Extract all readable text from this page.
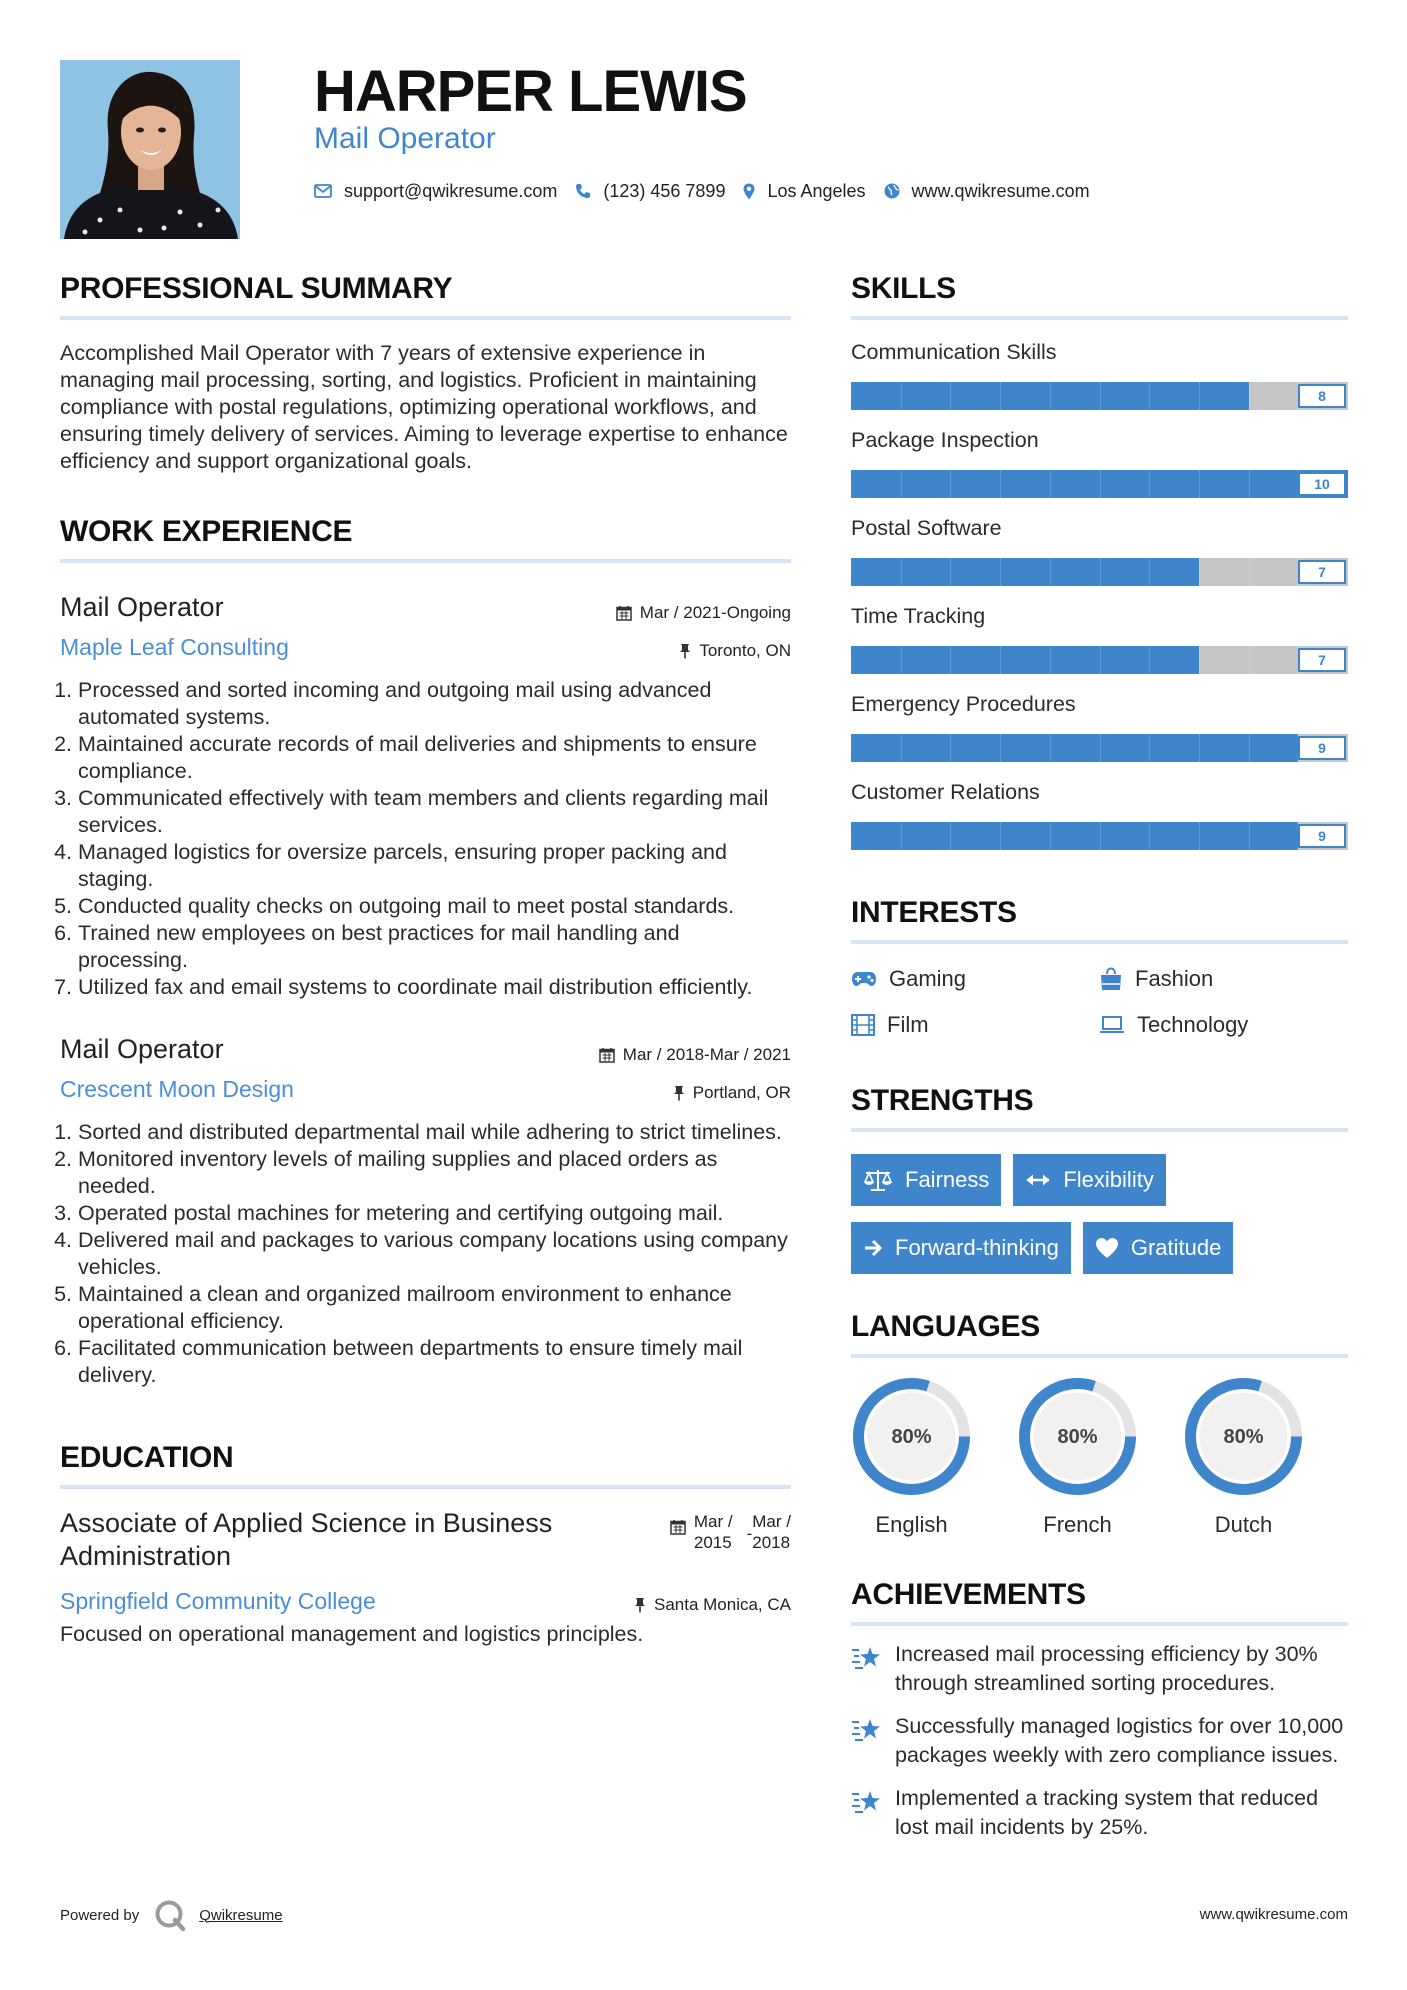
HARPER LEWIS
Mail Operator
support@qwikresume.com	(123) 456 7899 Los Angeles	www.qwikresume.com
PROFESSIONAL SUMMARY

Accomplished Mail Operator with 7 years of extensive experience in managing mail processing, sorting, and logistics. Proficient in maintaining compliance with postal regulations, optimizing operational workflows, and ensuring timely delivery of services. Aiming to leverage expertise to enhance efficiency and support organizational goals.

WORK EXPERIENCE
Mail Operator	Mar / 2021-Ongoing
Maple Leaf Consulting	Toronto, ON
1. Processed and sorted incoming and outgoing mail using advanced automated systems.
2. Maintained accurate records of mail deliveries and shipments to ensure compliance.
3. Communicated effectively with team members and clients regarding mail services.
4. Managed logistics for oversize parcels, ensuring proper packing and staging.
5. Conducted quality checks on outgoing mail to meet postal standards.
6. Trained new employees on best practices for mail handling and processing.
7. Utilized fax and email systems to coordinate mail distribution efficiently.
Mail Operator	Mar / 2018-Mar / 2021
Crescent Moon Design	Portland, OR
1. Sorted and distributed departmental mail while adhering to strict timelines.
2. Monitored inventory levels of mailing supplies and placed orders as needed.
3. Operated postal machines for metering and certifying outgoing mail.
4. Delivered mail and packages to various company locations using company vehicles.
5. Maintained a clean and organized mailroom environment to enhance operational efficiency.
6. Facilitated communication between departments to ensure timely mail delivery.
EDUCATION
Associate of Applied Science in Business Administration
Mar /
2015 -
Mar /
2018
Springfield Community College	Santa Monica, CA

Focused on operational management and logistics principles.

SKILLS
Communication Skills
8
Package Inspection
10
Postal Software
7
Time Tracking
7
Emergency Procedures
9
Customer Relations
9
INTERESTS
Gaming	Fashion
Film	Technology
STRENGTHS
Fairness	Flexibility
Forward-thinking	Gratitude
LANGUAGES
80%
English
80%
French
80%
Dutch
ACHIEVEMENTS
Increased mail processing efficiency by 30% through streamlined sorting procedures.
Successfully managed logistics for over 10,000 packages weekly with zero compliance issues.
Implemented a tracking system that reduced lost mail incidents by 25%.
Powered by	Qwikresume	www.qwikresume.com
